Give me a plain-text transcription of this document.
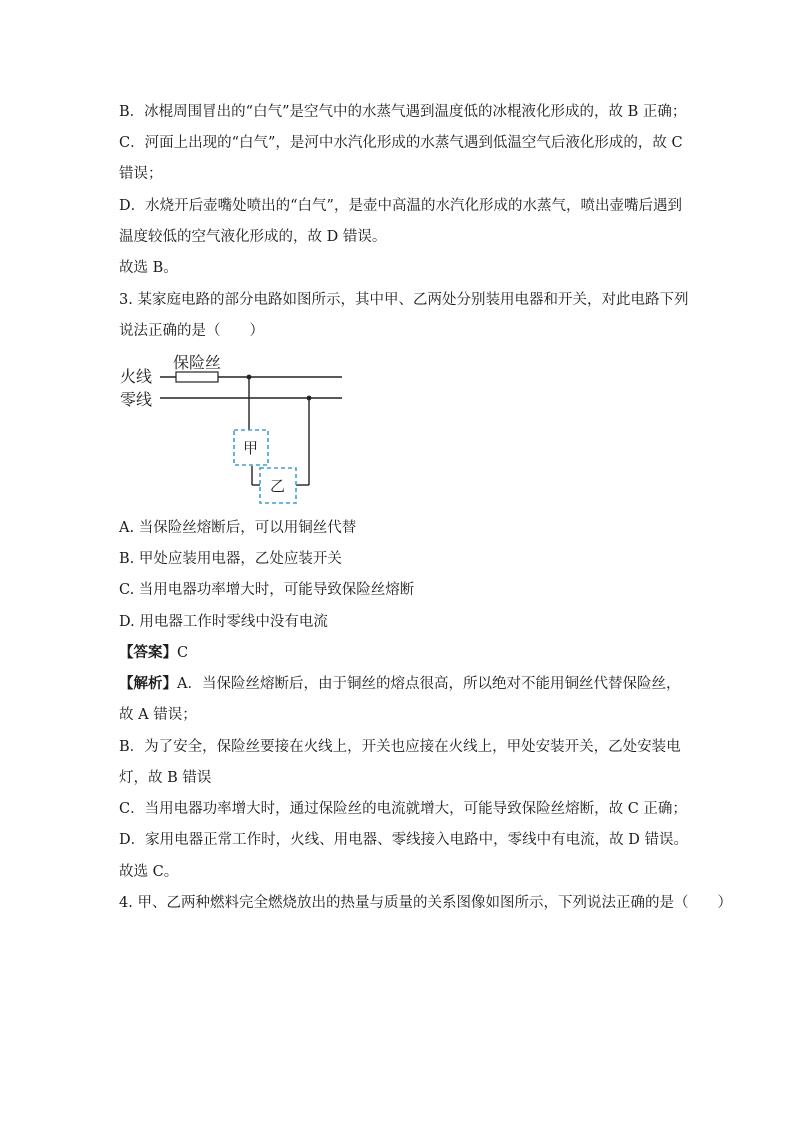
B．冰棍周围冒出的“白气”是空气中的水蒸气遇到温度低的冰棍液化形成的，故 B 正确；
C．河面上出现的“白气”，是河中水汽化形成的水蒸气遇到低温空气后液化形成的，故 C
错误；
D．水烧开后壶嘴处喷出的“白气”，是壶中高温的水汽化形成的水蒸气，喷出壶嘴后遇到
温度较低的空气液化形成的，故 D 错误。
故选 B。
3. 某家庭电路的部分电路如图所示，其中甲、乙两处分别装用电器和开关，对此电路下列
说法正确的是（　　）
火线
零线
保险丝
甲
乙
A. 当保险丝熔断后，可以用铜丝代替
B. 甲处应装用电器，乙处应装开关
C. 当用电器功率增大时，可能导致保险丝熔断
D. 用电器工作时零线中没有电流
【答案】C
【解析】A．当保险丝熔断后，由于铜丝的熔点很高，所以绝对不能用铜丝代替保险丝，
故 A 错误；
B．为了安全，保险丝要接在火线上，开关也应接在火线上，甲处安装开关，乙处安装电
灯，故 B 错误
C．当用电器功率增大时，通过保险丝的电流就增大，可能导致保险丝熔断，故 C 正确；
D．家用电器正常工作时，火线、用电器、零线接入电路中，零线中有电流，故 D 错误。
故选 C。
4. 甲、乙两种燃料完全燃烧放出的热量与质量的关系图像如图所示，下列说法正确的是（　　）
